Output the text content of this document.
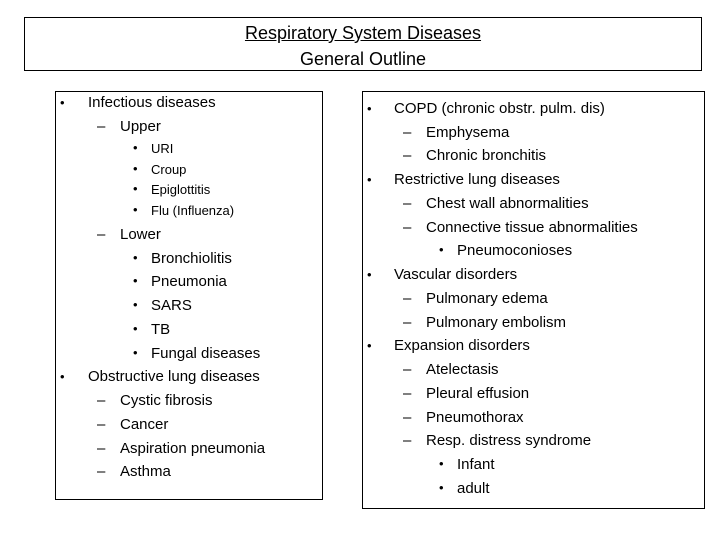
Respiratory System Diseases
General Outline
• Infectious diseases
– Upper
• URI
• Croup
• Epiglottitis
• Flu (Influenza)
– Lower
• Bronchiolitis
• Pneumonia
• SARS
• TB
• Fungal diseases
• Obstructive lung diseases
– Cystic fibrosis
– Cancer
– Aspiration pneumonia
– Asthma
• COPD (chronic obstr. pulm. dis)
– Emphysema
– Chronic bronchitis
• Restrictive lung diseases
– Chest wall abnormalities
– Connective tissue abnormalities
• Pneumoconioses
• Vascular disorders
– Pulmonary edema
– Pulmonary embolism
• Expansion disorders
– Atelectasis
– Pleural effusion
– Pneumothorax
– Resp. distress syndrome
• Infant
• adult
